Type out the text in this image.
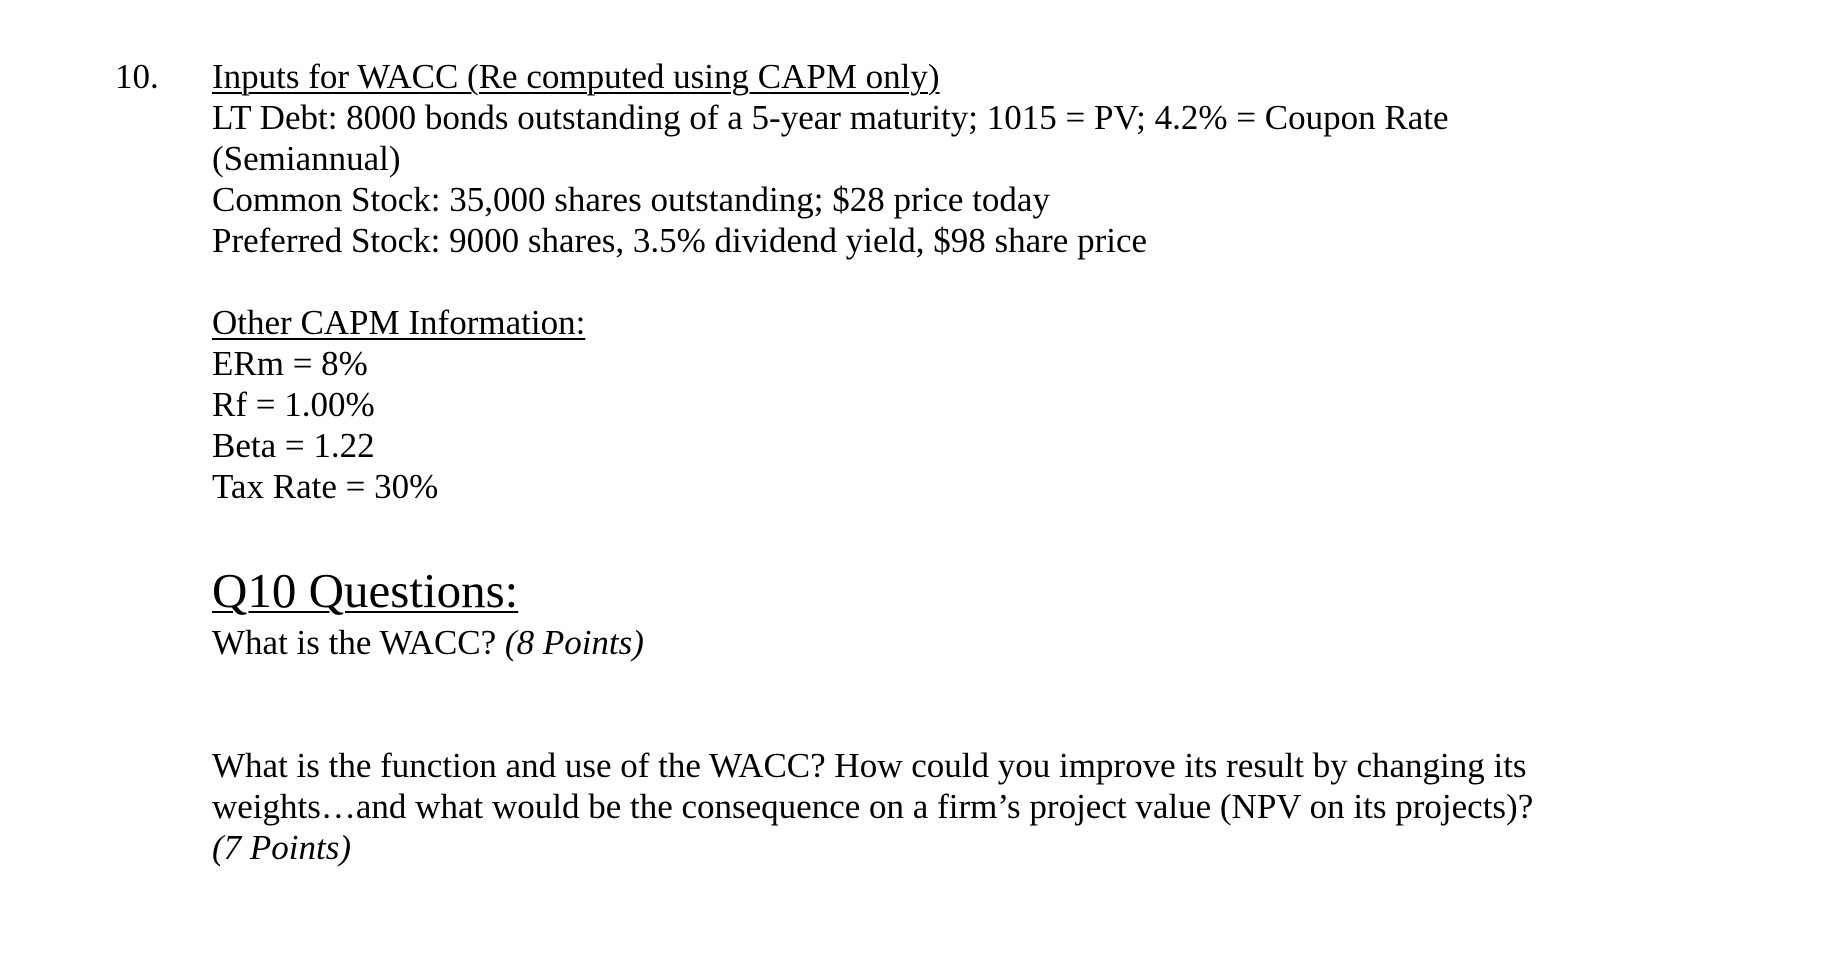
10. Inputs for WACC (Re computed using CAPM only)
LT Debt: 8000 bonds outstanding of a 5-year maturity; 1015 = PV; 4.2% = Coupon Rate
(Semiannual)
Common Stock: 35,000 shares outstanding; $28 price today
Preferred Stock: 9000 shares, 3.5% dividend yield, $98 share price
Other CAPM Information:
ERm = 8%
Rf = 1.00%
Beta = 1.22
Tax Rate = 30%
Q10 Questions:
What is the WACC? (8 Points)
What is the function and use of the WACC? How could you improve its result by changing its
weights…and what would be the consequence on a firm’s project value (NPV on its projects)?
(7 Points)
